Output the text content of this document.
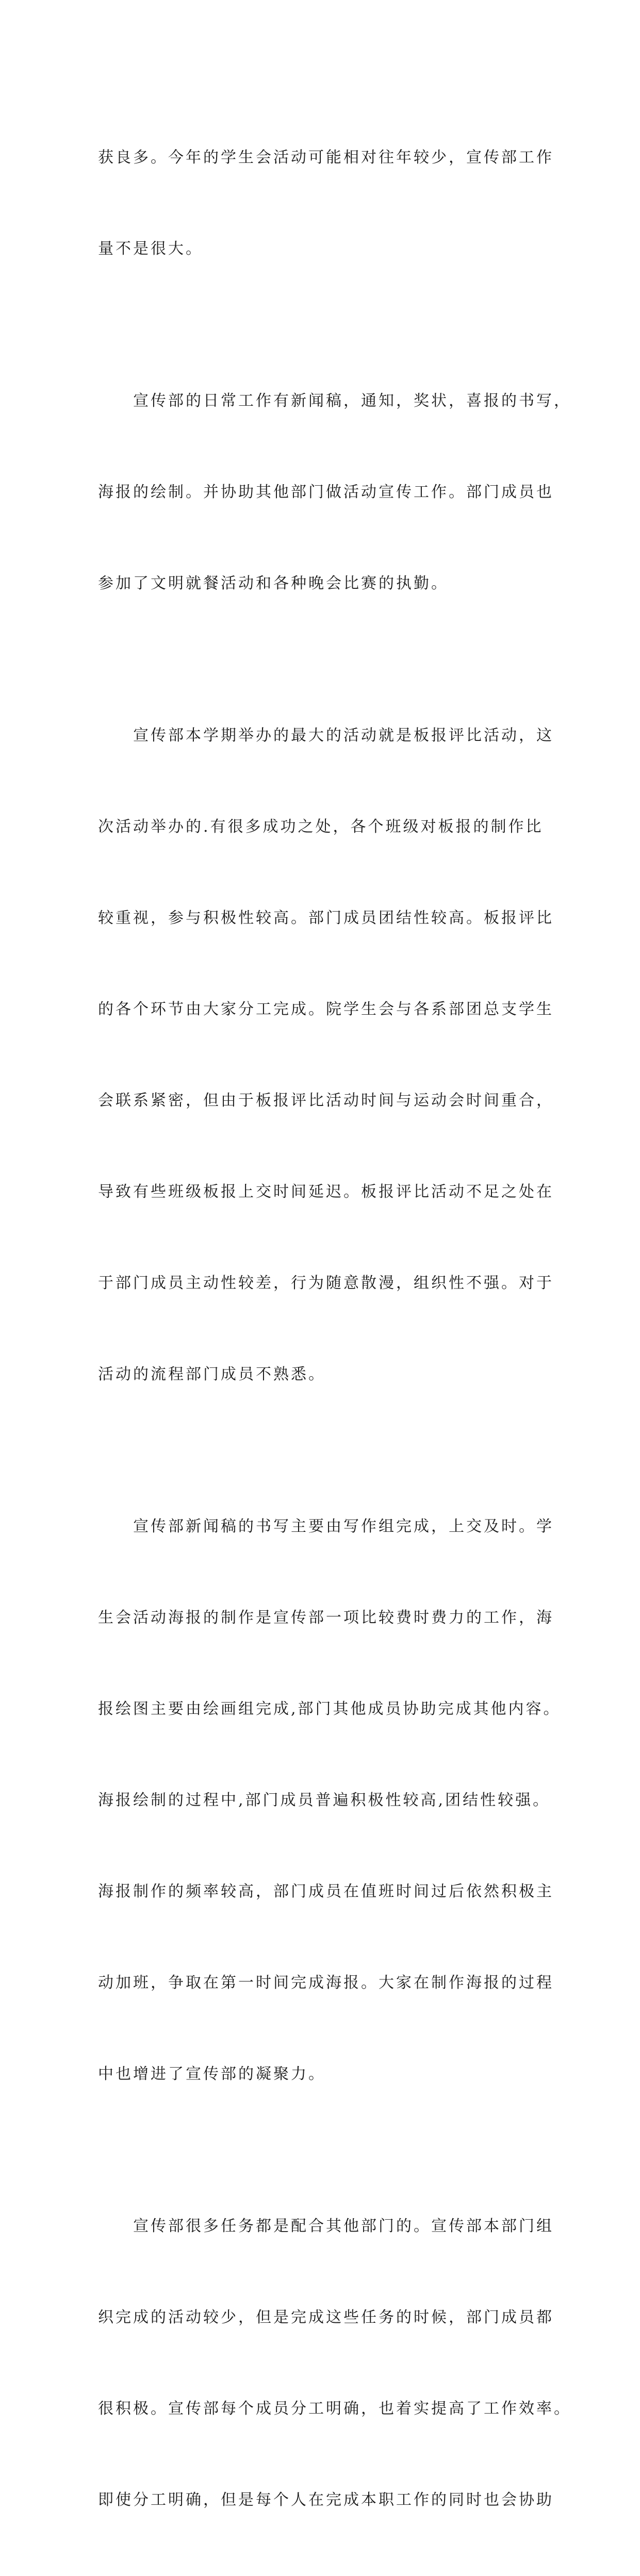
获良多。今年的学生会活动可能相对往年较少，宣传部工作

量不是很大。

宣传部的日常工作有新闻稿，通知，奖状，喜报的书写，

海报的绘制。并协助其他部门做活动宣传工作。部门成员也

参加了文明就餐活动和各种晚会比赛的执勤。

宣传部本学期举办的最大的活动就是板报评比活动，这

次活动举办的.有很多成功之处，各个班级对板报的制作比

较重视，参与积极性较高。部门成员团结性较高。板报评比

的各个环节由大家分工完成。院学生会与各系部团总支学生

会联系紧密，但由于板报评比活动时间与运动会时间重合，

导致有些班级板报上交时间延迟。板报评比活动不足之处在

于部门成员主动性较差，行为随意散漫，组织性不强。对于

活动的流程部门成员不熟悉。

宣传部新闻稿的书写主要由写作组完成，上交及时。学

生会活动海报的制作是宣传部一项比较费时费力的工作，海

报绘图主要由绘画组完成,部门其他成员协助完成其他内容。

海报绘制的过程中,部门成员普遍积极性较高,团结性较强。

海报制作的频率较高，部门成员在值班时间过后依然积极主

动加班，争取在第一时间完成海报。大家在制作海报的过程

中也增进了宣传部的凝聚力。

宣传部很多任务都是配合其他部门的。宣传部本部门组

织完成的活动较少，但是完成这些任务的时候，部门成员都

很积极。宣传部每个成员分工明确，也着实提高了工作效率。

即使分工明确，但是每个人在完成本职工作的同时也会协助
